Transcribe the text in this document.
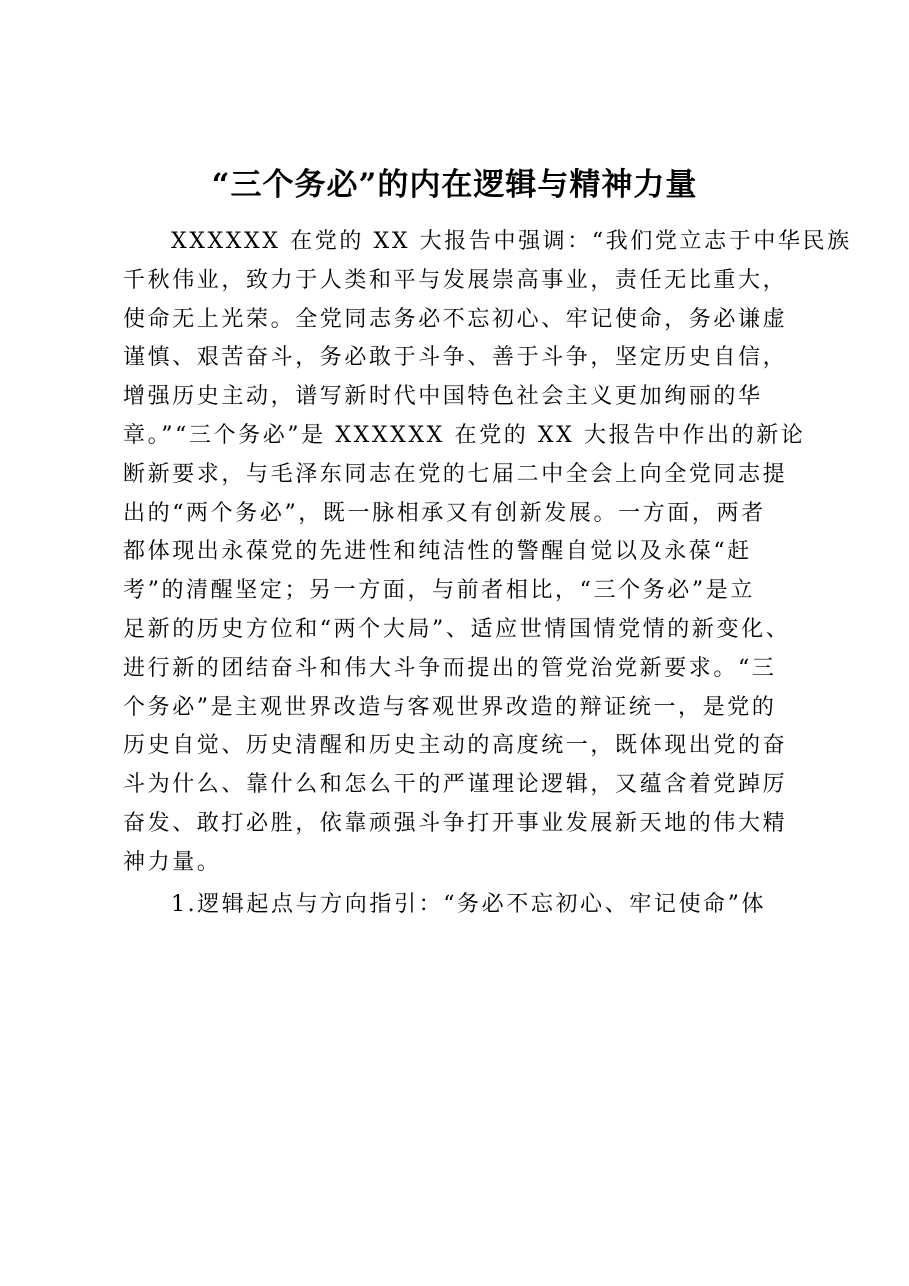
“三个务必”的内在逻辑与精神力量
XXXXXX 在党的 XX 大报告中强调：“我们党立志于中华民族
千秋伟业，致力于人类和平与发展崇高事业，责任无比重大，
使命无上光荣。全党同志务必不忘初心、牢记使命，务必谦虚
谨慎、艰苦奋斗，务必敢于斗争、善于斗争，坚定历史自信，
增强历史主动，谱写新时代中国特色社会主义更加绚丽的华
章。”“三个务必”是 XXXXXX 在党的 XX 大报告中作出的新论
断新要求，与毛泽东同志在党的七届二中全会上向全党同志提
出的“两个务必”，既一脉相承又有创新发展。一方面，两者
都体现出永葆党的先进性和纯洁性的警醒自觉以及永葆“赶
考”的清醒坚定；另一方面，与前者相比，“三个务必”是立
足新的历史方位和“两个大局”、适应世情国情党情的新变化、
进行新的团结奋斗和伟大斗争而提出的管党治党新要求。“三
个务必”是主观世界改造与客观世界改造的辩证统一，是党的
历史自觉、历史清醒和历史主动的高度统一，既体现出党的奋
斗为什么、靠什么和怎么干的严谨理论逻辑，又蕴含着党踔厉
奋发、敢打必胜，依靠顽强斗争打开事业发展新天地的伟大精
神力量。
1.逻辑起点与方向指引：“务必不忘初心、牢记使命”体
